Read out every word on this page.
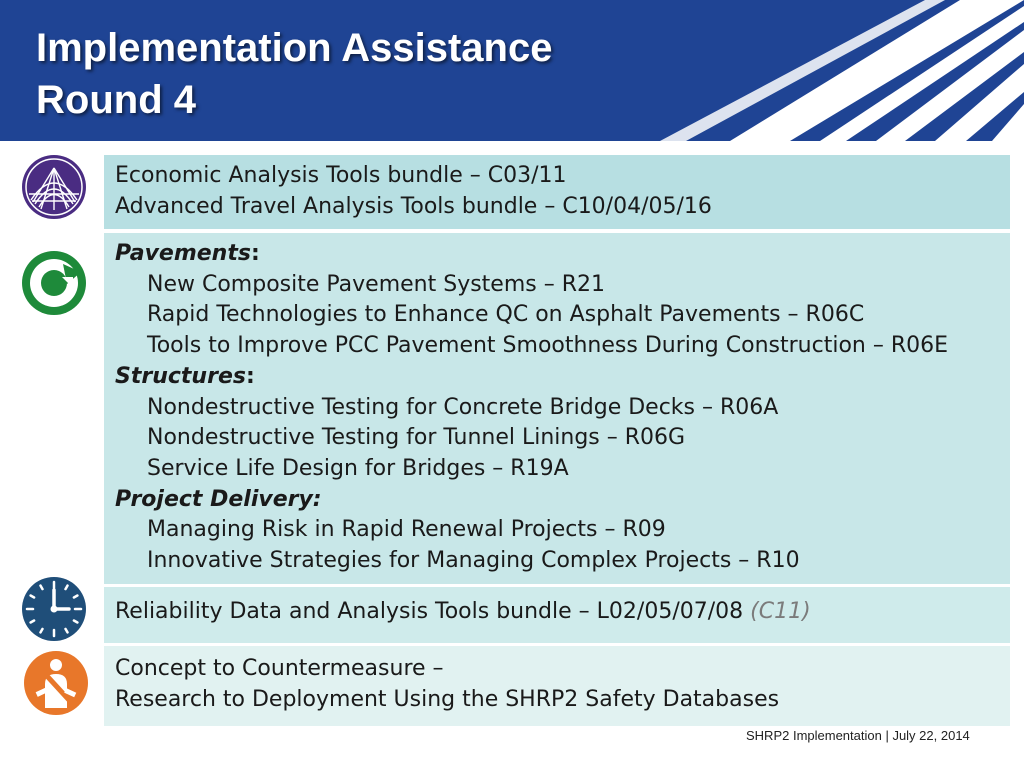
Implementation Assistance
Round 4
Economic Analysis Tools bundle – C03/11
Advanced Travel Analysis Tools bundle – C10/04/05/16
Pavements:
New Composite Pavement Systems – R21
Rapid Technologies to Enhance QC on Asphalt Pavements – R06C
Tools to Improve PCC Pavement Smoothness During Construction – R06E
Structures:
Nondestructive Testing for Concrete Bridge Decks – R06A
Nondestructive Testing for Tunnel Linings – R06G
Service Life Design for Bridges – R19A
Project Delivery:
Managing Risk in Rapid Renewal Projects – R09
Innovative Strategies for Managing Complex Projects – R10
Reliability Data and Analysis Tools bundle – L02/05/07/08 (C11)
Concept to Countermeasure –
Research to Deployment Using the SHRP2 Safety Databases
SHRP2 Implementation | July 22, 2014
